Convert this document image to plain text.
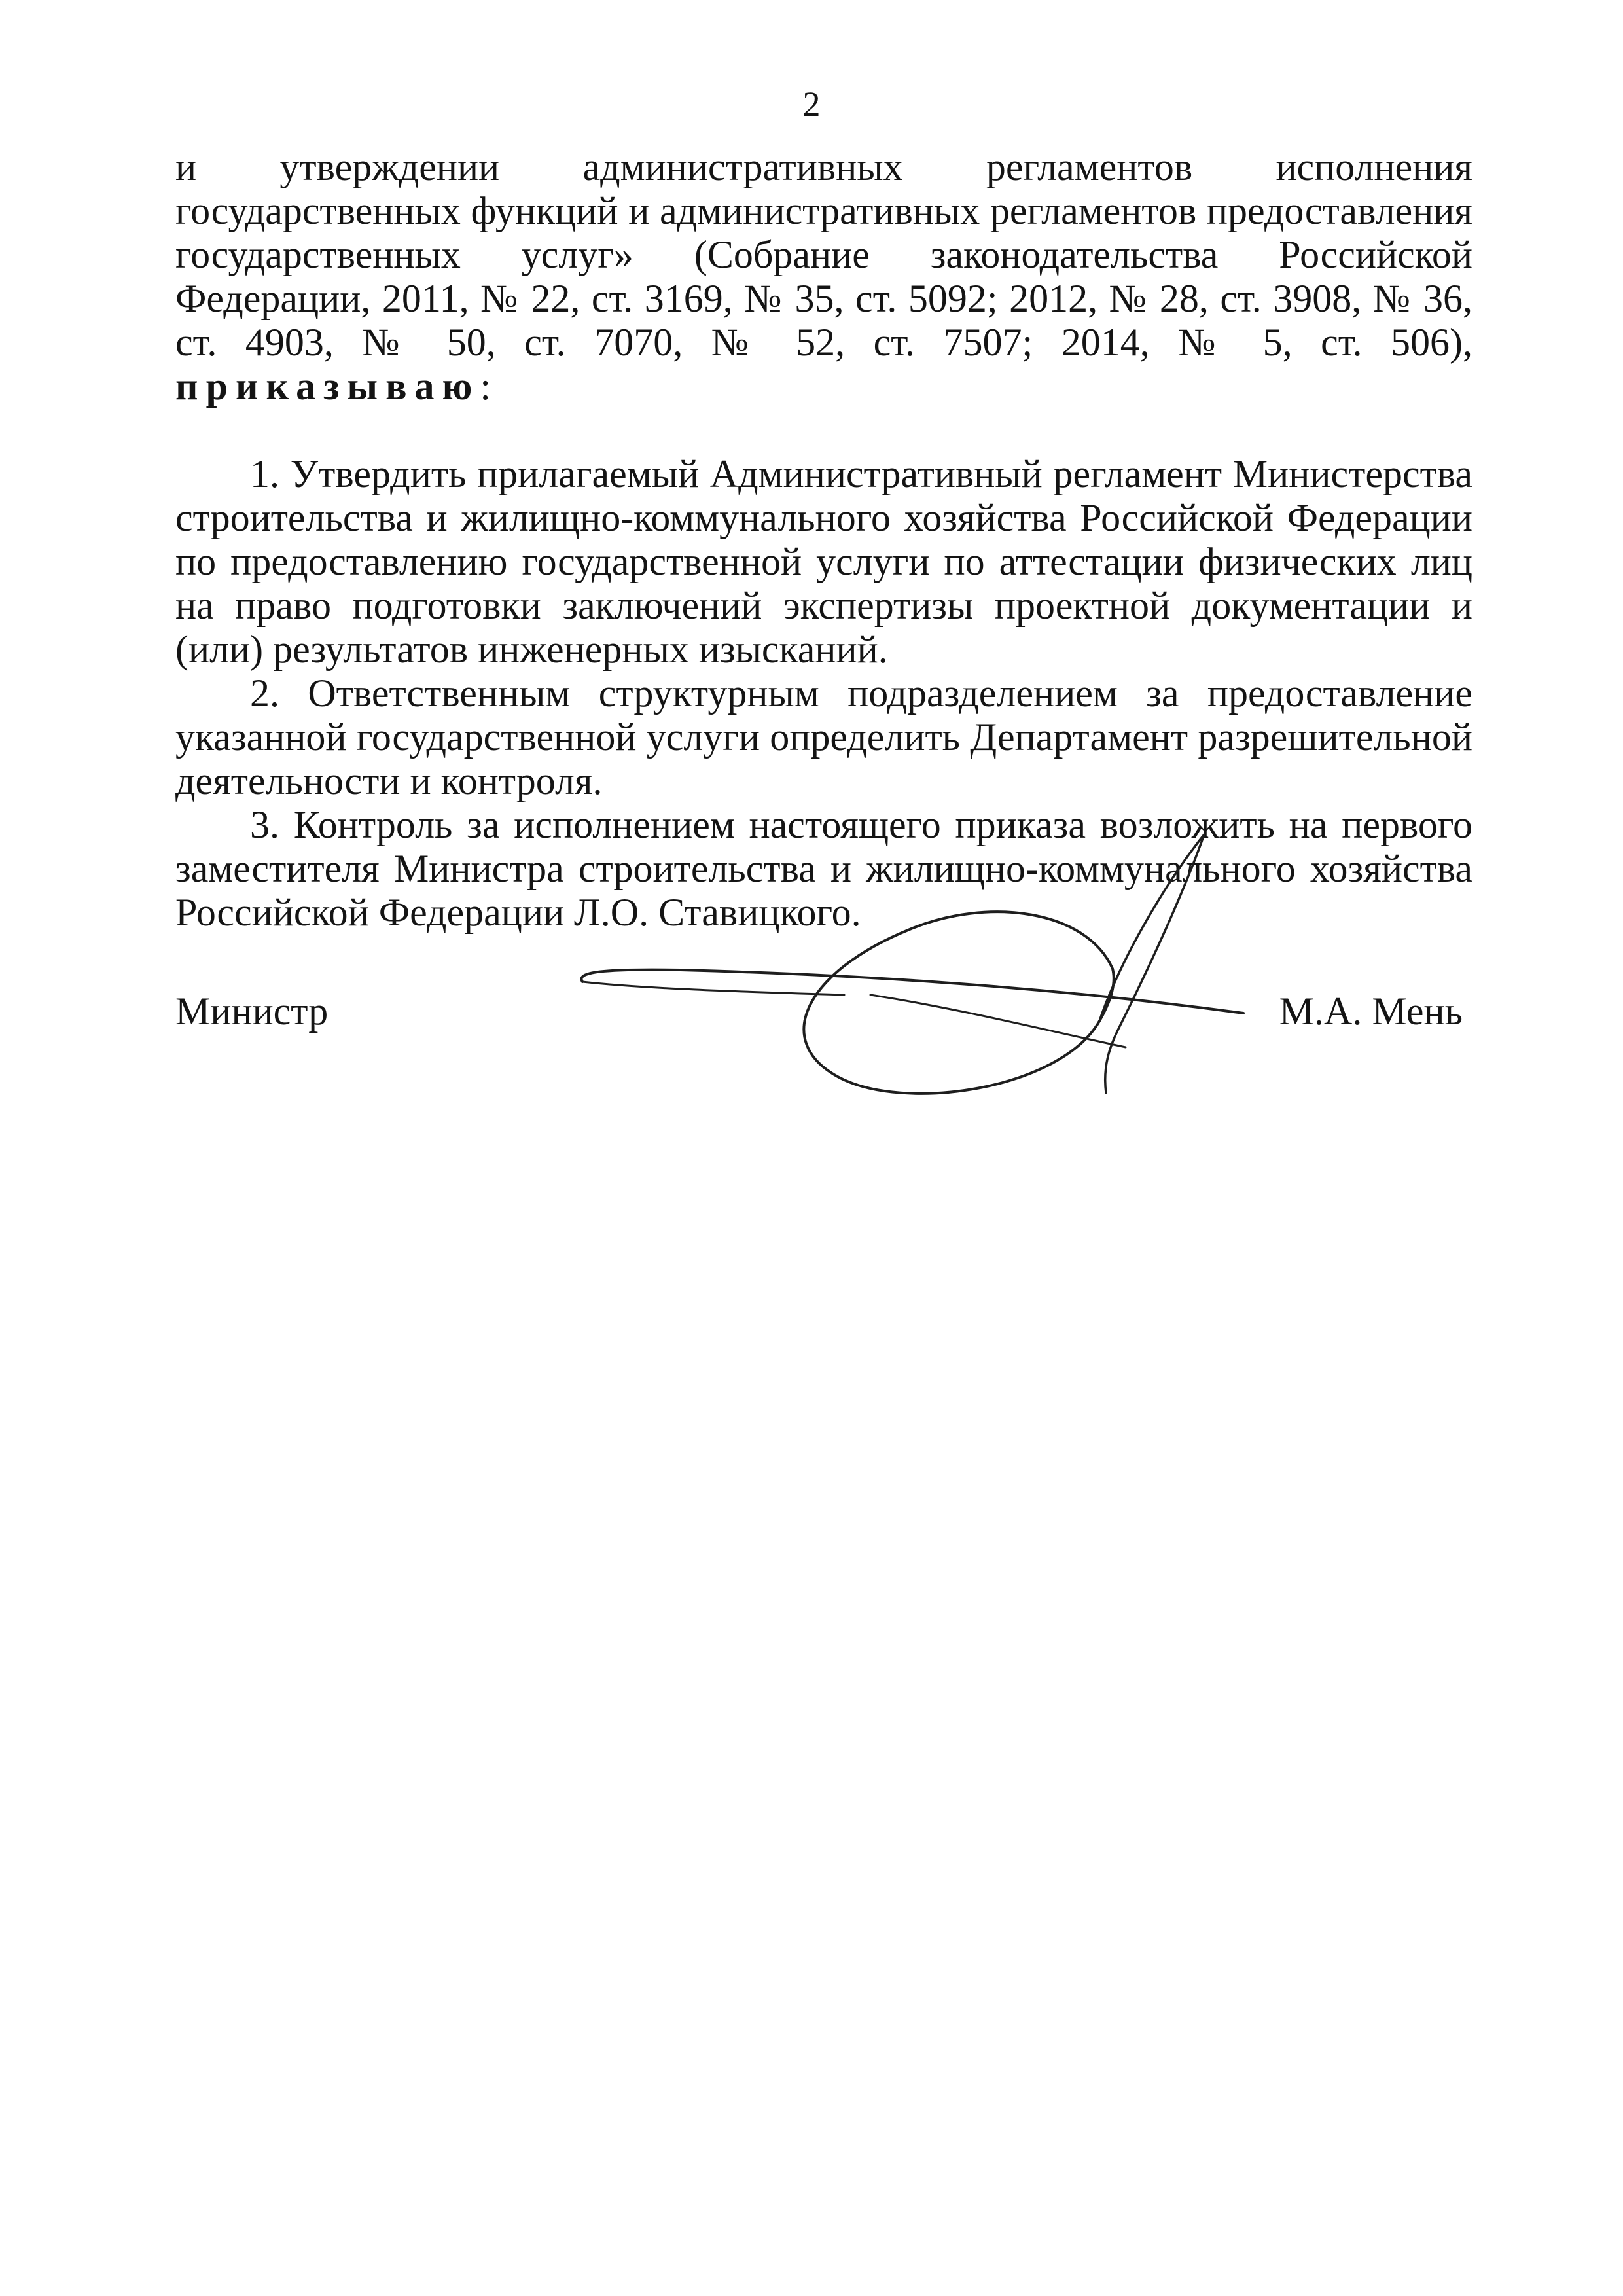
2

и утверждении административных регламентов исполнения государственных функций и административных регламентов предоставления государственных услуг» (Собрание законодательства Российской Федерации, 2011, № 22, ст. 3169, № 35, ст. 5092; 2012, № 28, ст. 3908, № 36, ст. 4903, № 50, ст. 7070, № 52, ст. 7507; 2014, № 5, ст. 506), приказываю:

1. Утвердить прилагаемый Административный регламент Министерства строительства и жилищно-коммунального хозяйства Российской Федерации по предоставлению государственной услуги по аттестации физических лиц на право подготовки заключений экспертизы проектной документации и (или) результатов инженерных изысканий.

2. Ответственным структурным подразделением за предоставление указанной государственной услуги определить Департамент разрешительной деятельности и контроля.

3. Контроль за исполнением настоящего приказа возложить на первого заместителя Министра строительства и жилищно-коммунального хозяйства Российской Федерации Л.О. Ставицкого.

Министр	М.А. Мень
